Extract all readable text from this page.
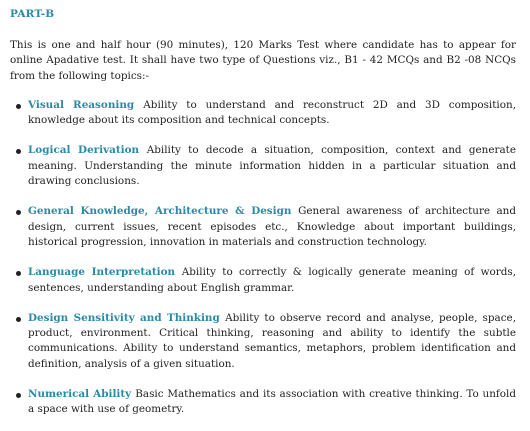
PART-B

This is one and half hour (90 minutes), 120 Marks Test where candidate has to appear for online Apadative test. It shall have two type of Questions viz., B1 - 42 MCQs and B2 -08 NCQs from the following topics:-

Visual Reasoning Ability to understand and reconstruct 2D and 3D composition, knowledge about its composition and technical concepts.
Logical Derivation Ability to decode a situation, composition, context and generate meaning. Understanding the minute information hidden in a particular situation and drawing conclusions.
General Knowledge, Architecture & Design General awareness of architecture and design, current issues, recent episodes etc., Knowledge about important buildings, historical progression, innovation in materials and construction technology.
Language Interpretation Ability to correctly & logically generate meaning of words, sentences, understanding about English grammar.
Design Sensitivity and Thinking Ability to observe record and analyse, people, space, product, environment. Critical thinking, reasoning and ability to identify the subtle communications. Ability to understand semantics, metaphors, problem identification and definition, analysis of a given situation.
Numerical Ability Basic Mathematics and its association with creative thinking. To unfold a space with use of geometry.
